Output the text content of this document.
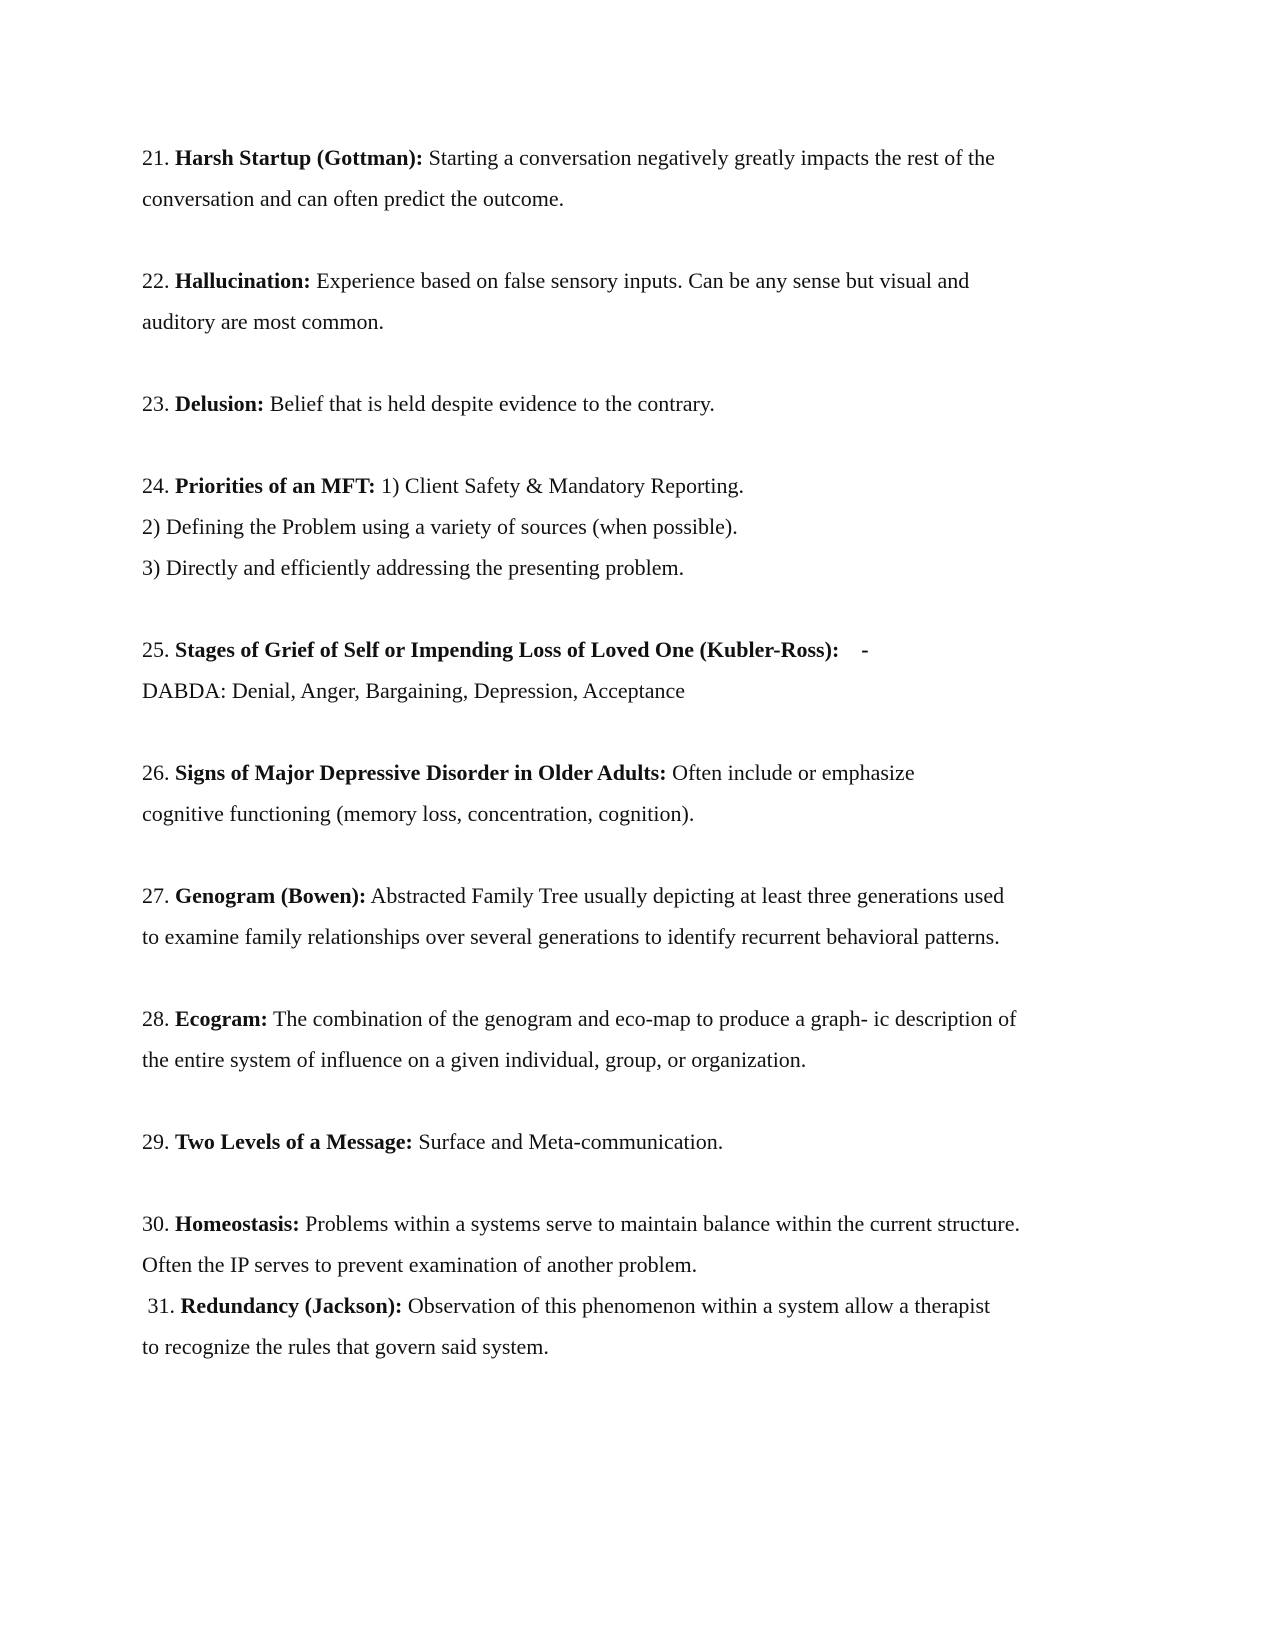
21. Harsh Startup (Gottman): Starting a conversation negatively greatly impacts the rest of the
conversation and can often predict the outcome.
22. Hallucination: Experience based on false sensory inputs. Can be any sense but visual and
auditory are most common.
23. Delusion: Belief that is held despite evidence to the contrary.
24. Priorities of an MFT: 1) Client Safety & Mandatory Reporting.
2) Defining the Problem using a variety of sources (when possible).
3) Directly and efficiently addressing the presenting problem.
25. Stages of Grief of Self or Impending Loss of Loved One (Kubler-Ross):    -
DABDA: Denial, Anger, Bargaining, Depression, Acceptance
26. Signs of Major Depressive Disorder in Older Adults: Often include or emphasize
cognitive functioning (memory loss, concentration, cognition).
27. Genogram (Bowen): Abstracted Family Tree usually depicting at least three generations used
to examine family relationships over several generations to identify recurrent behavioral patterns.
28. Ecogram: The combination of the genogram and eco-map to produce a graph- ic description of
the entire system of influence on a given individual, group, or organization.
29. Two Levels of a Message: Surface and Meta-communication.
30. Homeostasis: Problems within a systems serve to maintain balance within the current structure.
Often the IP serves to prevent examination of another problem.
31. Redundancy (Jackson): Observation of this phenomenon within a system allow a therapist
to recognize the rules that govern said system.
